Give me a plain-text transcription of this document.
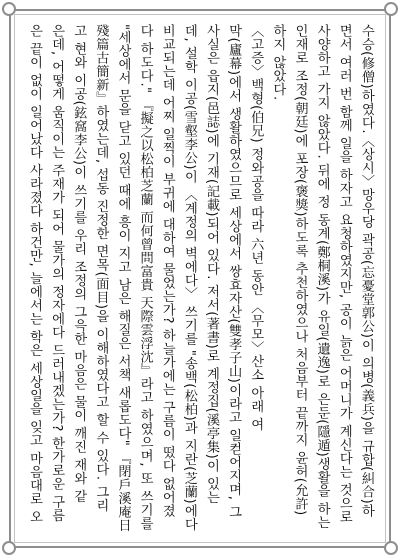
수승(修僧)하였다.〈상시〉망우당 곽공(忘憂堂郭公)이 의병(義兵)을 규합(糾合)하
면서 여러 번 함께 일을 하자고 요청하였지만, 공이 늙은 어머니가 계신다는 것으로
사양하고 가지 않았다. 뒤에 정 동계(鄭桐溪)가 유일(遺逸)로 은둔(隱遁)생활을 하는
인재로 조정(朝廷)에 포장(褒獎)하도록 추천하였으나 처음부터 끝까지 윤허(允許)
하지 않았다.
〈고증〉백형(伯兄) 정와공을 따라 六년 동안 〈무모〉산소 아래 여
막(廬幕)에서 생활하였으므로 세상에서 쌍효자산(雙孝子山)이라고 일컫어지며, 그
사실은 읍지(邑誌)에 기재(記載)되어 있다. 저서(著書)로 계정집(溪亭集)이 있는
데, 설학 이공(雪壑李公)이 〈계정의 벽에다〉 쓰기를 "송백(松柏)과 지란(芝蘭)에다
비교되는데 어찌 일찍이 부귀에 대하여 물었는가? 하늘가에는 구름이 떴다 없어졌
다 하도다." 『擬之以松柏芝蘭 而何曾問富貴 天際雲浮沈』라고 하였으며, 또 쓰기를
"세상에서 문을 닫고 있던 때에 흥이 지고 남은 해질은 서책 새롭도다" 『閉戶溪庵日
殘篇古簡新』하였는데, 섭동 진정한 면목(面目)을 이해하였다고 할 수 있다. 그리
고 현와 이공(鉉窩李公)이 쓰기를 우리 조정의 그윽한 마음은 물이 깨진 재와 같
은데, 어떻게 움직이는 주재가 되어 물가의 정자에다 드러내겠는가? 한가로운 구름
은 끝이 없이 일어났다 사라졌다 하건만, 늘에서는 학은 세상일을 잊고 마음대로 오
